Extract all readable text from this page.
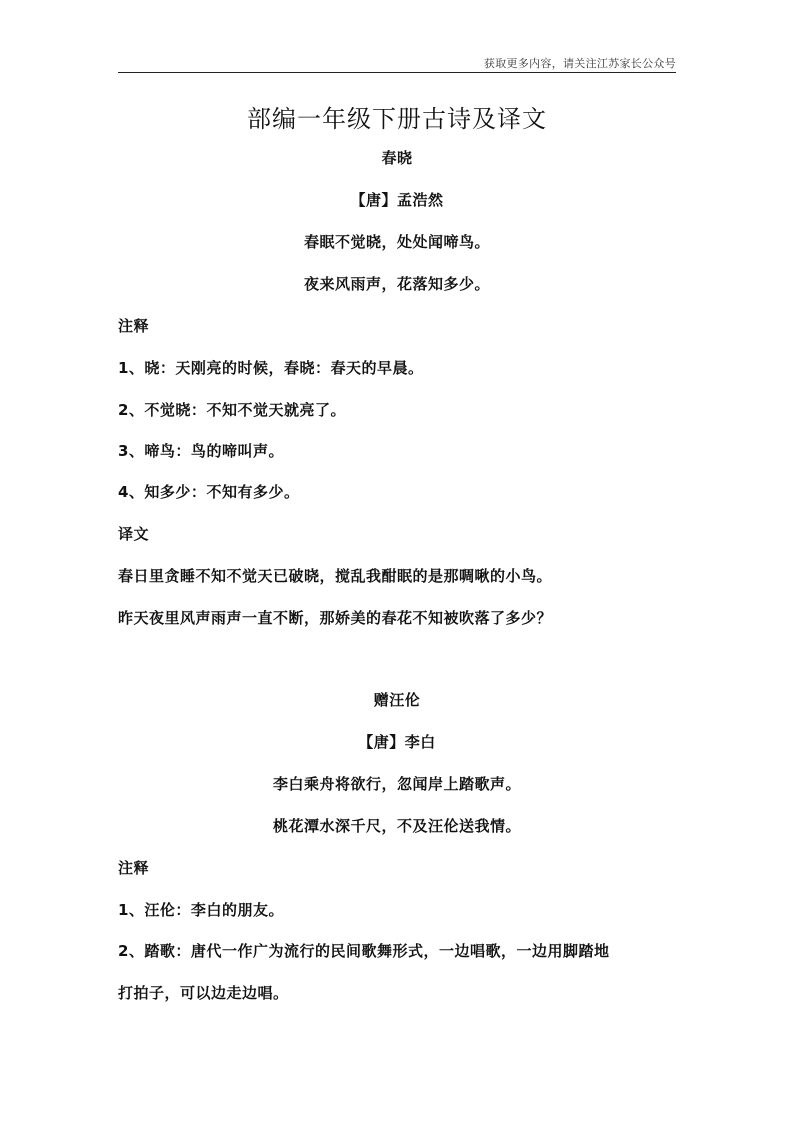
获取更多内容，请关注江苏家长公众号
部编一年级下册古诗及译文
春晓
【唐】孟浩然
春眠不觉晓，处处闻啼鸟。
夜来风雨声，花落知多少。
注释
1、晓：天刚亮的时候，春晓：春天的早晨。
2、不觉晓：不知不觉天就亮了。
3、啼鸟：鸟的啼叫声。
4、知多少：不知有多少。
译文
春日里贪睡不知不觉天已破晓，搅乱我酣眠的是那啁啾的小鸟。
昨天夜里风声雨声一直不断，那娇美的春花不知被吹落了多少？
赠汪伦
【唐】李白
李白乘舟将欲行，忽闻岸上踏歌声。
桃花潭水深千尺，不及汪伦送我情。
注释
1、汪伦：李白的朋友。
2、踏歌：唐代一作广为流行的民间歌舞形式，一边唱歌，一边用脚踏地
打拍子，可以边走边唱。
